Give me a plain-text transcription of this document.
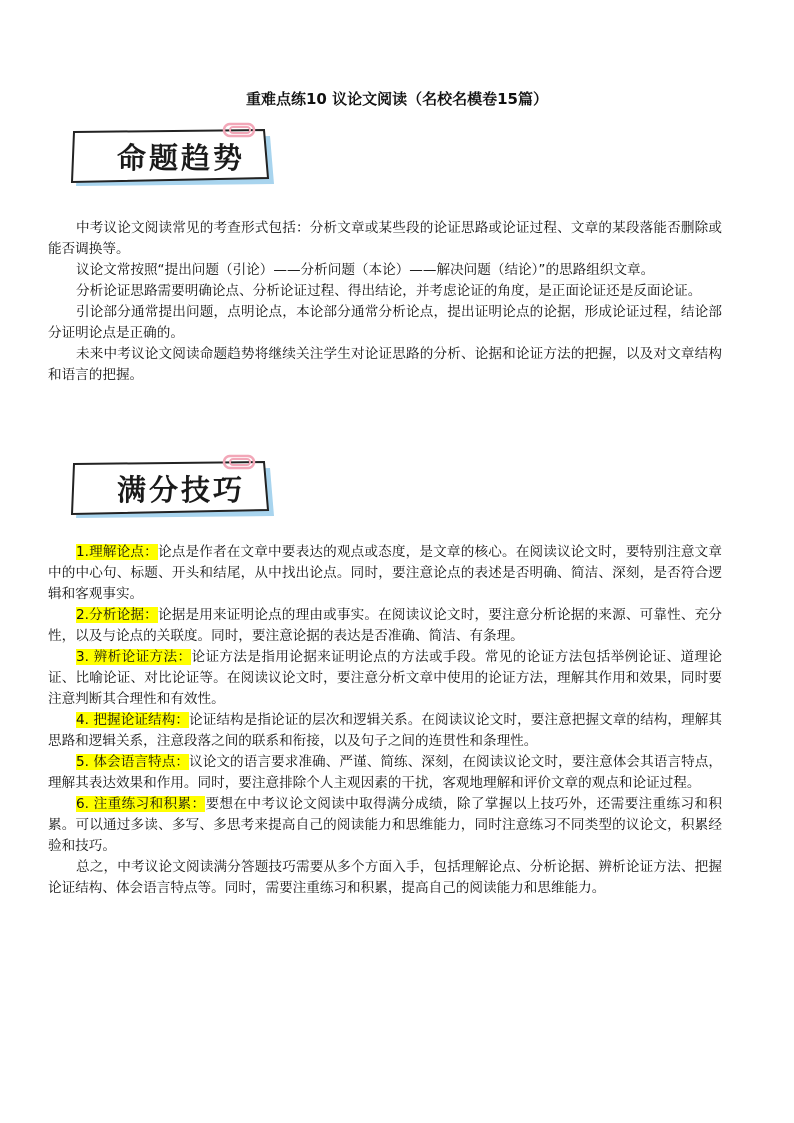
重难点练10 议论文阅读（名校名模卷15篇）
命题趋势

中考议论文阅读常见的考查形式包括：分析文章或某些段的论证思路或论证过程、文章的某段落能否删除或能否调换等。

议论文常按照“提出问题（引论）——分析问题（本论）——解决问题（结论）”的思路组织文章。

分析论证思路需要明确论点、分析论证过程、得出结论，并考虑论证的角度，是正面论证还是反面论证。

引论部分通常提出问题，点明论点，本论部分通常分析论点，提出证明论点的论据，形成论证过程，结论部分证明论点是正确的。

未来中考议论文阅读命题趋势将继续关注学生对论证思路的分析、论据和论证方法的把握，以及对文章结构和语言的把握。

满分技巧

1.理解论点：论点是作者在文章中要表达的观点或态度，是文章的核心。在阅读议论文时，要特别注意文章中的中心句、标题、开头和结尾，从中找出论点。同时，要注意论点的表述是否明确、简洁、深刻，是否符合逻辑和客观事实。

2.分析论据：论据是用来证明论点的理由或事实。在阅读议论文时，要注意分析论据的来源、可靠性、充分性，以及与论点的关联度。同时，要注意论据的表达是否准确、简洁、有条理。

3. 辨析论证方法：论证方法是指用论据来证明论点的方法或手段。常见的论证方法包括举例论证、道理论证、比喻论证、对比论证等。在阅读议论文时，要注意分析文章中使用的论证方法，理解其作用和效果，同时要注意判断其合理性和有效性。

4. 把握论证结构：论证结构是指论证的层次和逻辑关系。在阅读议论文时，要注意把握文章的结构，理解其思路和逻辑关系，注意段落之间的联系和衔接，以及句子之间的连贯性和条理性。

5. 体会语言特点：议论文的语言要求准确、严谨、简练、深刻，在阅读议论文时，要注意体会其语言特点，理解其表达效果和作用。同时，要注意排除个人主观因素的干扰，客观地理解和评价文章的观点和论证过程。

6. 注重练习和积累：要想在中考议论文阅读中取得满分成绩，除了掌握以上技巧外，还需要注重练习和积累。可以通过多读、多写、多思考来提高自己的阅读能力和思维能力，同时注意练习不同类型的议论文，积累经验和技巧。

总之，中考议论文阅读满分答题技巧需要从多个方面入手，包括理解论点、分析论据、辨析论证方法、把握论证结构、体会语言特点等。同时，需要注重练习和积累，提高自己的阅读能力和思维能力。
